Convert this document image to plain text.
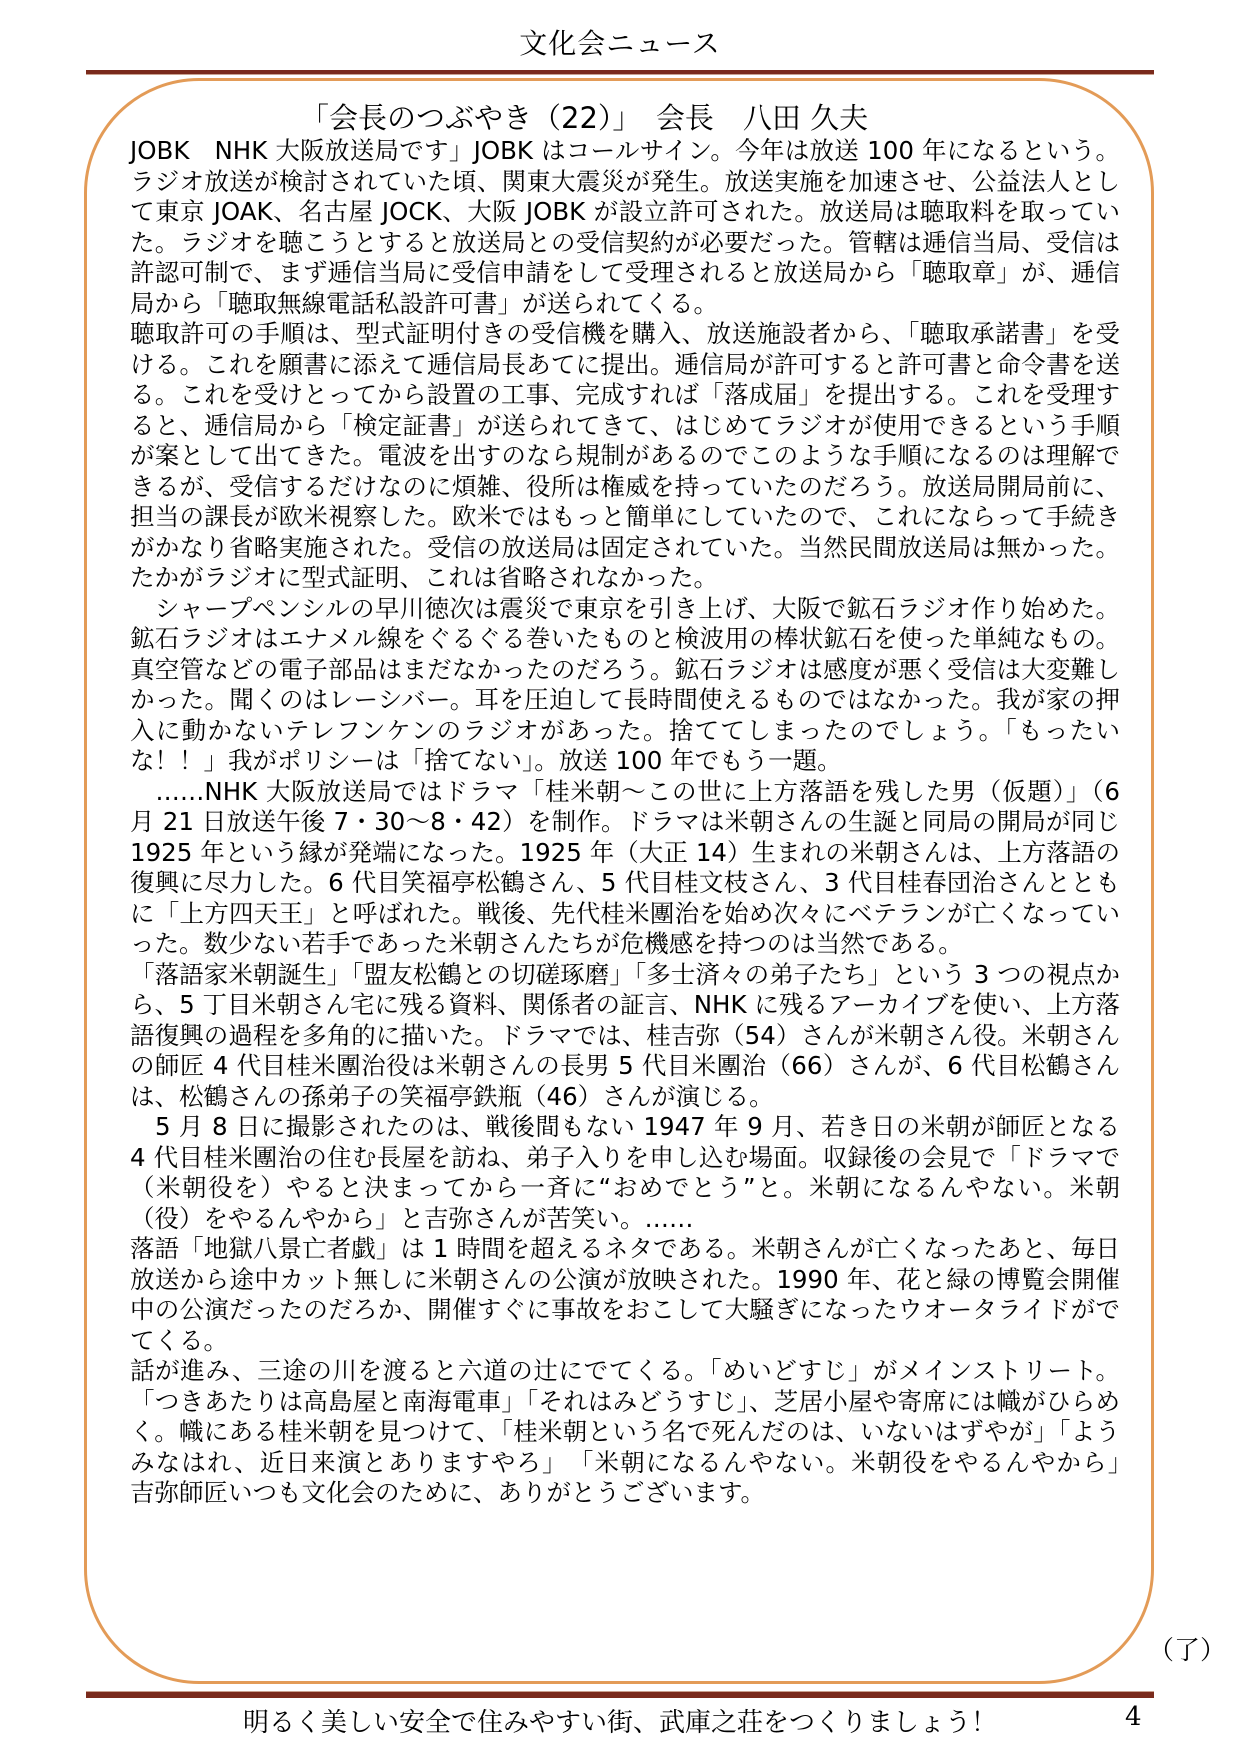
文化会ニュース
「会長のつぶやき（22）」　会長　八田 久夫

JOBK　NHK 大阪放送局です」JOBK はコールサイン。今年は放送 100 年になるという。ラジオ放送が検討されていた頃、関東大震災が発生。放送実施を加速させ、公益法人として東京 JOAK、名古屋 JOCK、大阪 JOBK が設立許可された。放送局は聴取料を取っていた。ラジオを聴こうとすると放送局との受信契約が必要だった。管轄は逓信当局、受信は許認可制で、まず逓信当局に受信申請をして受理されると放送局から「聴取章」が、逓信局から「聴取無線電話私設許可書」が送られてくる。

聴取許可の手順は、型式証明付きの受信機を購入、放送施設者から、「聴取承諾書」を受ける。これを願書に添えて逓信局長あてに提出。逓信局が許可すると許可書と命令書を送る。これを受けとってから設置の工事、完成すれば「落成届」を提出する。これを受理すると、逓信局から「検定証書」が送られてきて、はじめてラジオが使用できるという手順が案として出てきた。電波を出すのなら規制があるのでこのような手順になるのは理解できるが、受信するだけなのに煩雑、役所は権威を持っていたのだろう。放送局開局前に、担当の課長が欧米視察した。欧米ではもっと簡単にしていたので、これにならって手続きがかなり省略実施された。受信の放送局は固定されていた。当然民間放送局は無かった。たかがラジオに型式証明、これは省略されなかった。

　シャープペンシルの早川徳次は震災で東京を引き上げ、大阪で鉱石ラジオ作り始めた。鉱石ラジオはエナメル線をぐるぐる巻いたものと検波用の棒状鉱石を使った単純なもの。真空管などの電子部品はまだなかったのだろう。鉱石ラジオは感度が悪く受信は大変難しかった。聞くのはレーシバー。耳を圧迫して長時間使えるものではなかった。我が家の押入に動かないテレフンケンのラジオがあった。捨ててしまったのでしょう。「もったいな！！」我がポリシーは「捨てない」。放送 100 年でもう一題。

　……NHK 大阪放送局ではドラマ「桂米朝～この世に上方落語を残した男（仮題）」（6 月 21 日放送午後 7・30～8・42）を制作。ドラマは米朝さんの生誕と同局の開局が同じ 1925 年という縁が発端になった。1925 年（大正 14）生まれの米朝さんは、上方落語の復興に尽力した。6 代目笑福亭松鶴さん、5 代目桂文枝さん、3 代目桂春団治さんとともに「上方四天王」と呼ばれた。戦後、先代桂米團治を始め次々にベテランが亡くなっていった。数少ない若手であった米朝さんたちが危機感を持つのは当然である。

「落語家米朝誕生」「盟友松鶴との切磋琢磨」「多士済々の弟子たち」という 3 つの視点から、5 丁目米朝さん宅に残る資料、関係者の証言、NHK に残るアーカイブを使い、上方落語復興の過程を多角的に描いた。ドラマでは、桂吉弥（54）さんが米朝さん役。米朝さんの師匠 4 代目桂米團治役は米朝さんの長男 5 代目米團治（66）さんが、6 代目松鶴さんは、松鶴さんの孫弟子の笑福亭鉄瓶（46）さんが演じる。

　5 月 8 日に撮影されたのは、戦後間もない 1947 年 9 月、若き日の米朝が師匠となる 4 代目桂米團治の住む長屋を訪ね、弟子入りを申し込む場面。収録後の会見で「ドラマで（米朝役を）やると決まってから一斉に“おめでとう”と。米朝になるんやない。米朝（役）をやるんやから」と吉弥さんが苦笑い。……

落語「地獄八景亡者戯」は 1 時間を超えるネタである。米朝さんが亡くなったあと、毎日放送から途中カット無しに米朝さんの公演が放映された。1990 年、花と緑の博覧会開催中の公演だったのだろか、開催すぐに事故をおこして大騒ぎになったウオータライドがでてくる。

話が進み、三途の川を渡ると六道の辻にでてくる。「めいどすじ」がメインストリート。「つきあたりは高島屋と南海電車」「それはみどうすじ」、芝居小屋や寄席には幟がひらめく。幟にある桂米朝を見つけて、「桂米朝という名で死んだのは、いないはずやが」「ようみなはれ、近日来演とありますやろ」　「米朝になるんやない。米朝役をやるんやから」　吉弥師匠いつも文化会のために、ありがとうございます。

（了）
明るく美しい安全で住みやすい街、武庫之荘をつくりましょう！	4
